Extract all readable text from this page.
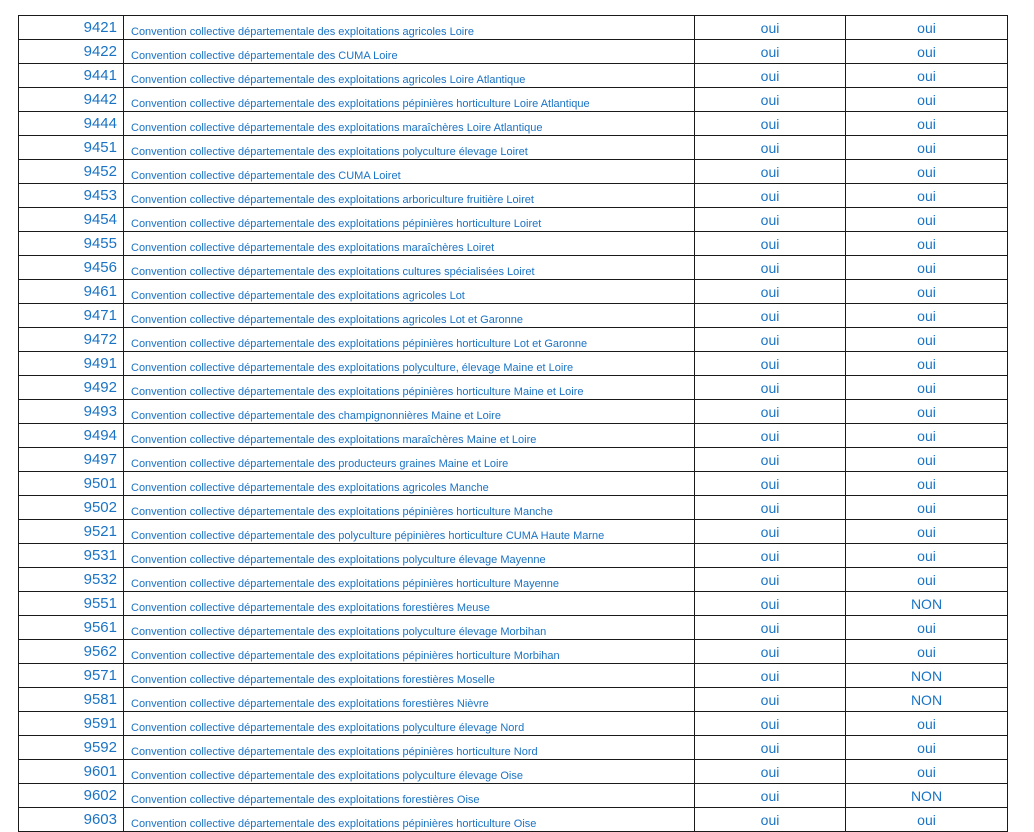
9421	Convention collective départementale des exploitations agricoles Loire	oui	oui
9422	Convention collective départementale des CUMA Loire	oui	oui
9441	Convention collective départementale des exploitations agricoles Loire Atlantique	oui	oui
9442	Convention collective départementale des exploitations pépinières horticulture Loire Atlantique	oui	oui
9444	Convention collective départementale des exploitations maraîchères Loire Atlantique	oui	oui
9451	Convention collective départementale des exploitations polyculture élevage Loiret	oui	oui
9452	Convention collective départementale des CUMA Loiret	oui	oui
9453	Convention collective départementale des exploitations arboriculture fruitière Loiret	oui	oui
9454	Convention collective départementale des exploitations pépinières horticulture Loiret	oui	oui
9455	Convention collective départementale des exploitations maraîchères Loiret	oui	oui
9456	Convention collective départementale des exploitations cultures spécialisées Loiret	oui	oui
9461	Convention collective départementale des exploitations agricoles Lot	oui	oui
9471	Convention collective départementale des exploitations agricoles Lot et Garonne	oui	oui
9472	Convention collective départementale des exploitations pépinières horticulture Lot et Garonne	oui	oui
9491	Convention collective départementale des exploitations polyculture, élevage Maine et Loire	oui	oui
9492	Convention collective départementale des exploitations pépinières horticulture Maine et Loire	oui	oui
9493	Convention collective départementale des champignonnières Maine et Loire	oui	oui
9494	Convention collective départementale des exploitations maraîchères Maine et Loire	oui	oui
9497	Convention collective départementale des producteurs graines Maine et Loire	oui	oui
9501	Convention collective départementale des exploitations agricoles Manche	oui	oui
9502	Convention collective départementale des exploitations pépinières horticulture Manche	oui	oui
9521	Convention collective départementale des polyculture pépinières horticulture CUMA Haute Marne	oui	oui
9531	Convention collective départementale des exploitations polyculture élevage Mayenne	oui	oui
9532	Convention collective départementale des exploitations pépinières horticulture Mayenne	oui	oui
9551	Convention collective départementale des exploitations forestières Meuse	oui	NON
9561	Convention collective départementale des exploitations polyculture élevage Morbihan	oui	oui
9562	Convention collective départementale des exploitations pépinières horticulture Morbihan	oui	oui
9571	Convention collective départementale des exploitations forestières Moselle	oui	NON
9581	Convention collective départementale des exploitations forestières Nièvre	oui	NON
9591	Convention collective départementale des exploitations polyculture élevage Nord	oui	oui
9592	Convention collective départementale des exploitations pépinières horticulture Nord	oui	oui
9601	Convention collective départementale des exploitations polyculture élevage Oise	oui	oui
9602	Convention collective départementale des exploitations forestières Oise	oui	NON
9603	Convention collective départementale des exploitations pépinières horticulture Oise	oui	oui
